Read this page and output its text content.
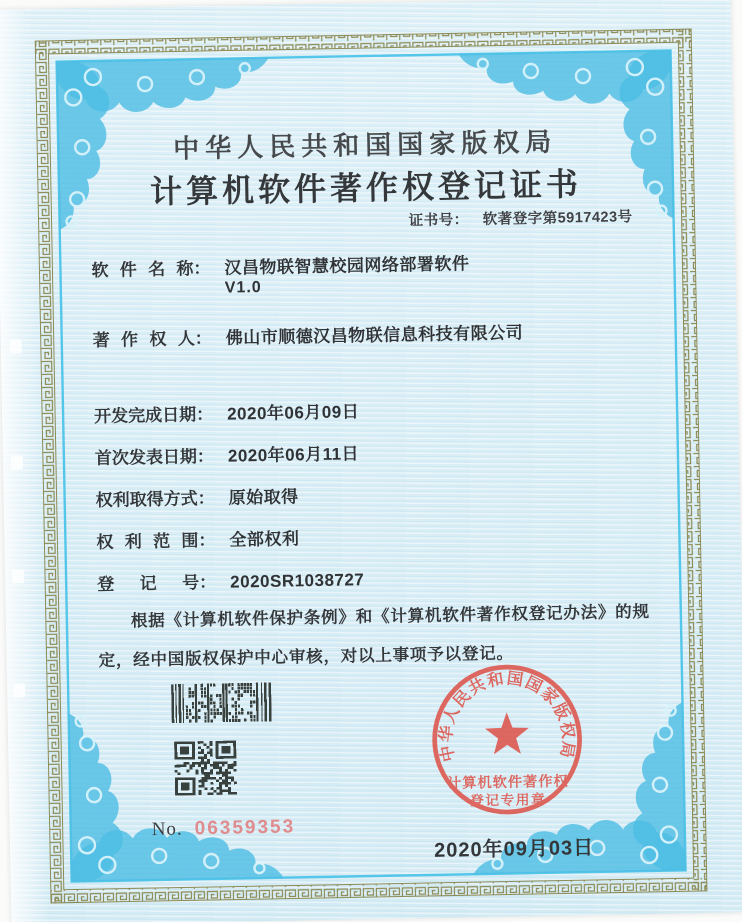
中华人民共和国国家版权局
计算机软件著作权登记证书
证书号： 软著登字第5917423号
软 件 名 称 ： 汉昌物联智慧校园网络部署软件
V1.0
著 作 权 人 ： 佛山市顺德汉昌物联信息科技有限公司
开 发 完 成 日 期 ： 2020年06月09日
首 次 发 表 日 期 ： 2020年06月11日
权 利 取 得 方 式 ： 原始取得
权 利 范 围 ： 全部权利
登 记 号 ： 2020SR1038727
根据《计算机软件保护条例》和《计算机软件著作权登记办法》的规定，经中国版权保护中心审核，对以上事项予以登记。
No. 06359353
中华人民共和国国家版权局
计算机软件著作权
登记专用章
2020年09月03日
